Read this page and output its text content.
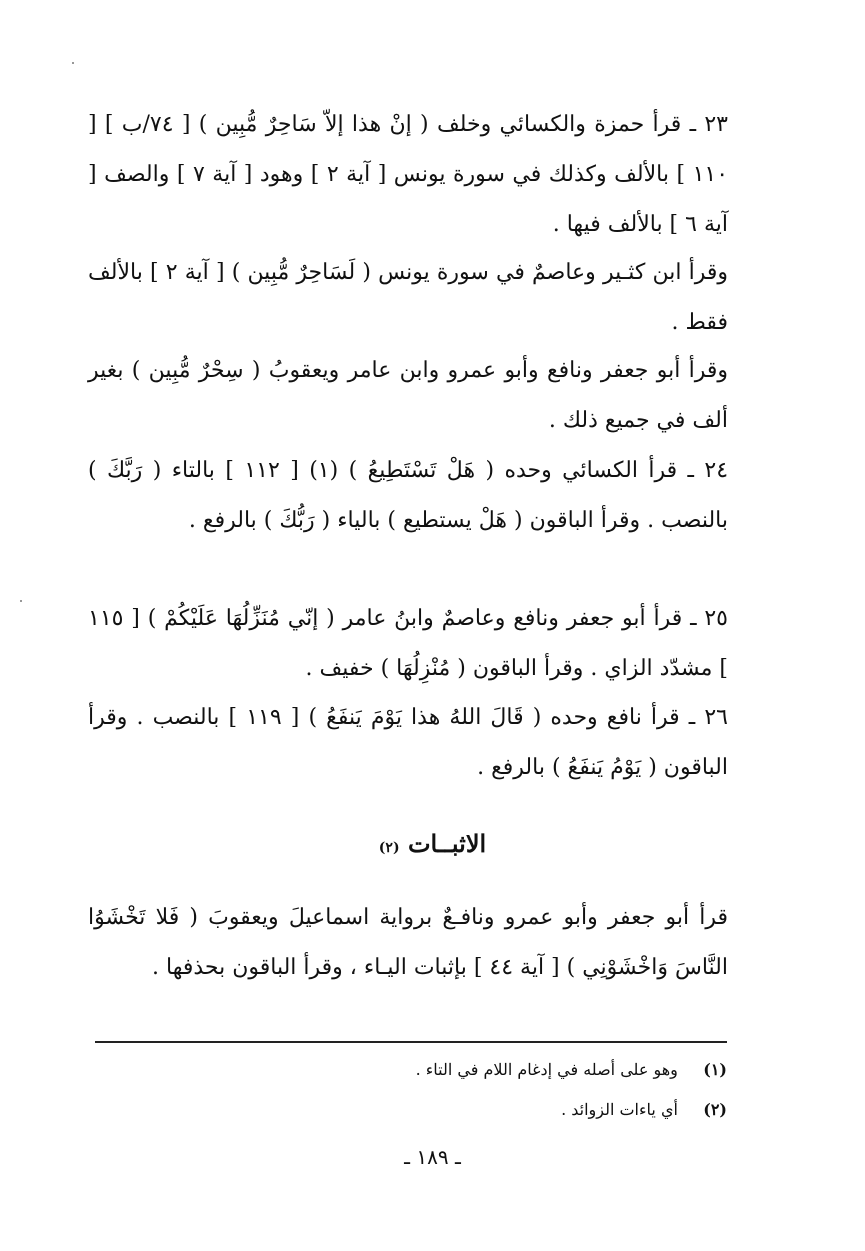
٢٣ ـ قرأ حمزة والكسائي وخلف ( إنْ هذا إلاّ سَاحِرٌ مُّبِين ) [ ٧٤/ب ] [ ١١٠ ] بالألف وكذلك في سورة يونس [ آية ٢ ] وهود [ آية ٧ ] والصف [ آية ٦ ] بالألف فيها .

وقرأ ابن كثـير وعاصمٌ في سورة يونس ( لَسَاحِرٌ مُّبِين ) [ آية ٢ ] بالألف فقط .

وقرأ أبو جعفر ونافع وأبو عمرو وابن عامر ويعقوبُ ( سِحْرٌ مُّبِين ) بغير ألف في جميع ذلك .

٢٤ ـ قرأ الكسائي وحده ( هَلْ تَسْتَطِيعُ ) (١) [ ١١٢ ] بالتاء ( رَبَّكَ ) بالنصب . وقرأ الباقون ( هَلْ يستطيع ) بالياء ( رَبُّكَ ) بالرفع .

٢٥ ـ قرأ أبو جعفر ونافع وعاصمٌ وابنُ عامر ( إنّي مُنَزِّلُهَا عَلَيْكُمْ ) [ ١١٥ ] مشدّد الزاي . وقرأ الباقون ( مُنْزِلُهَا ) خفيف .

٢٦ ـ قرأ نافع وحده ( قَالَ اللهُ هذا يَوْمَ يَنفَعُ ) [ ١١٩ ] بالنصب . وقرأ الباقون ( يَوْمُ يَنفَعُ ) بالرفع .

الاثبــات (٢)

قرأ أبو جعفر وأبو عمرو ونافـعٌ برواية اسماعيلَ ويعقوبَ ( فَلا تَخْشَوُا النَّاسَ وَاخْشَوْنِي ) [ آية ٤٤ ] بإثبات اليـاء ، وقرأ الباقون بحذفها .

(١) وهو على أصله في إدغام اللام في التاء .

(٢) أي ياءات الزوائد .

ـ ١٨٩ ـ
